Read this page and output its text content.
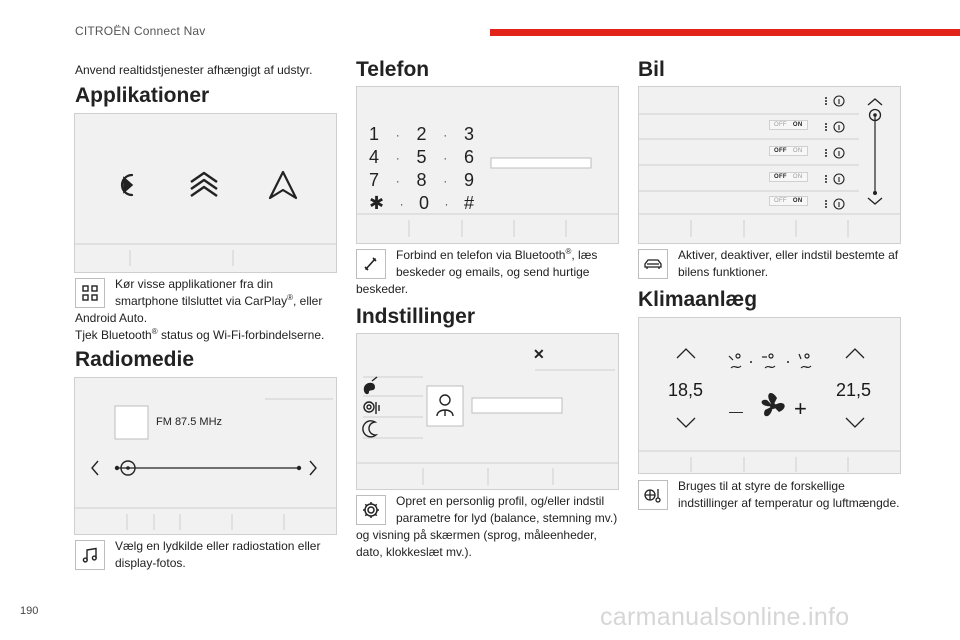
CITROËN Connect Nav
190	carmanualsonline.info
Anvend realtidstjenester afhængigt af udstyr.
Applikationer
Kør visse applikationer fra din
smartphone tilsluttet via CarPlay®, eller
Android Auto.
Tjek Bluetooth® status og Wi-Fi-forbindelserne.
Radiomedie
FM 87.5 MHz
Vælg en lydkilde eller radiostation eller
display-fotos.
Telefon
1 · 2 · 3
4 · 5 · 6
7 · 8 · 9
✱ · 0 · #
Forbind en telefon via Bluetooth®, læs
beskeder og emails, og send hurtige
beskeder.
Indstillinger
✕
Opret en personlig profil, og/eller indstil
parametre for lyd (balance, stemning mv.)
og visning på skærmen (sprog, måleenheder,
dato, klokkeslæt mv.).
Bil
OFF ON
OFF ON
OFF ON
OFF ON
Aktiver, deaktiver, eller indstil bestemte af
bilens funktioner.
Klimaanlæg
18,5	21,5
— +
Bruges til at styre de forskellige
indstillinger af temperatur og luftmængde.
